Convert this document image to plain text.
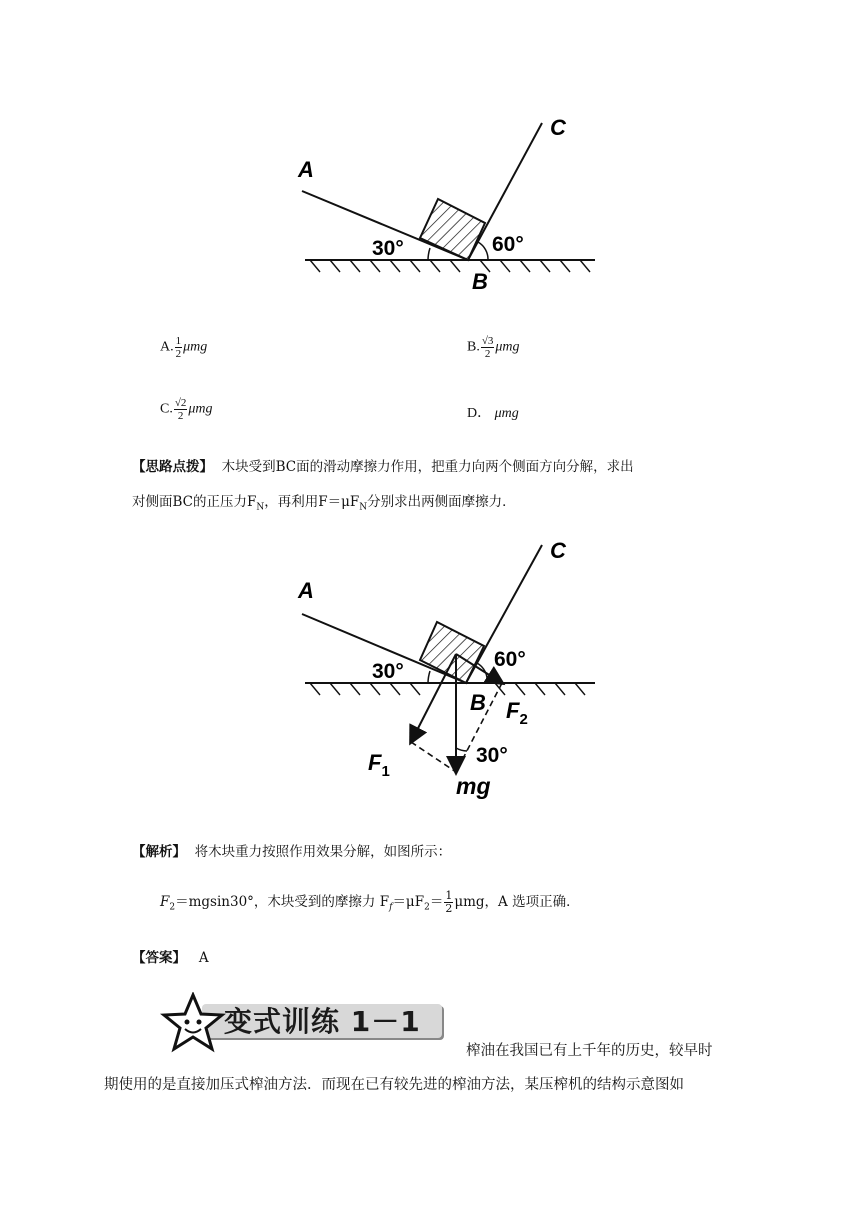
A
C
B
30°	60°
A. $\frac{1}{2}$ μmg	B. $\frac{√3}{2}$ μmg
C. $\frac{√2}{2}$ μmg	D． μmg
【思路点拨】 木块受到BC面的滑动摩擦力作用，把重力向两个侧面方向分解，求出
对侧面BC的正压力$F_N$，再利用$F=\mu F_N$分别求出两侧面摩擦力．
A
C
B
30°
60°
30°
$F_2$
$F_1$
mg
【解析】 将木块重力按照作用效果分解，如图所示：
$F_2=mgsin30^\circ$，木块受到的摩擦力 $F_f=\mu F_2= \frac{1}{2}$ μmg，A 选项正确．
【答案】 A
变式训练 1－1
榨油在我国已有上千年的历史，较早时
期使用的是直接加压式榨油方法．而现在已有较先进的榨油方法，某压榨机的结构示意图如
